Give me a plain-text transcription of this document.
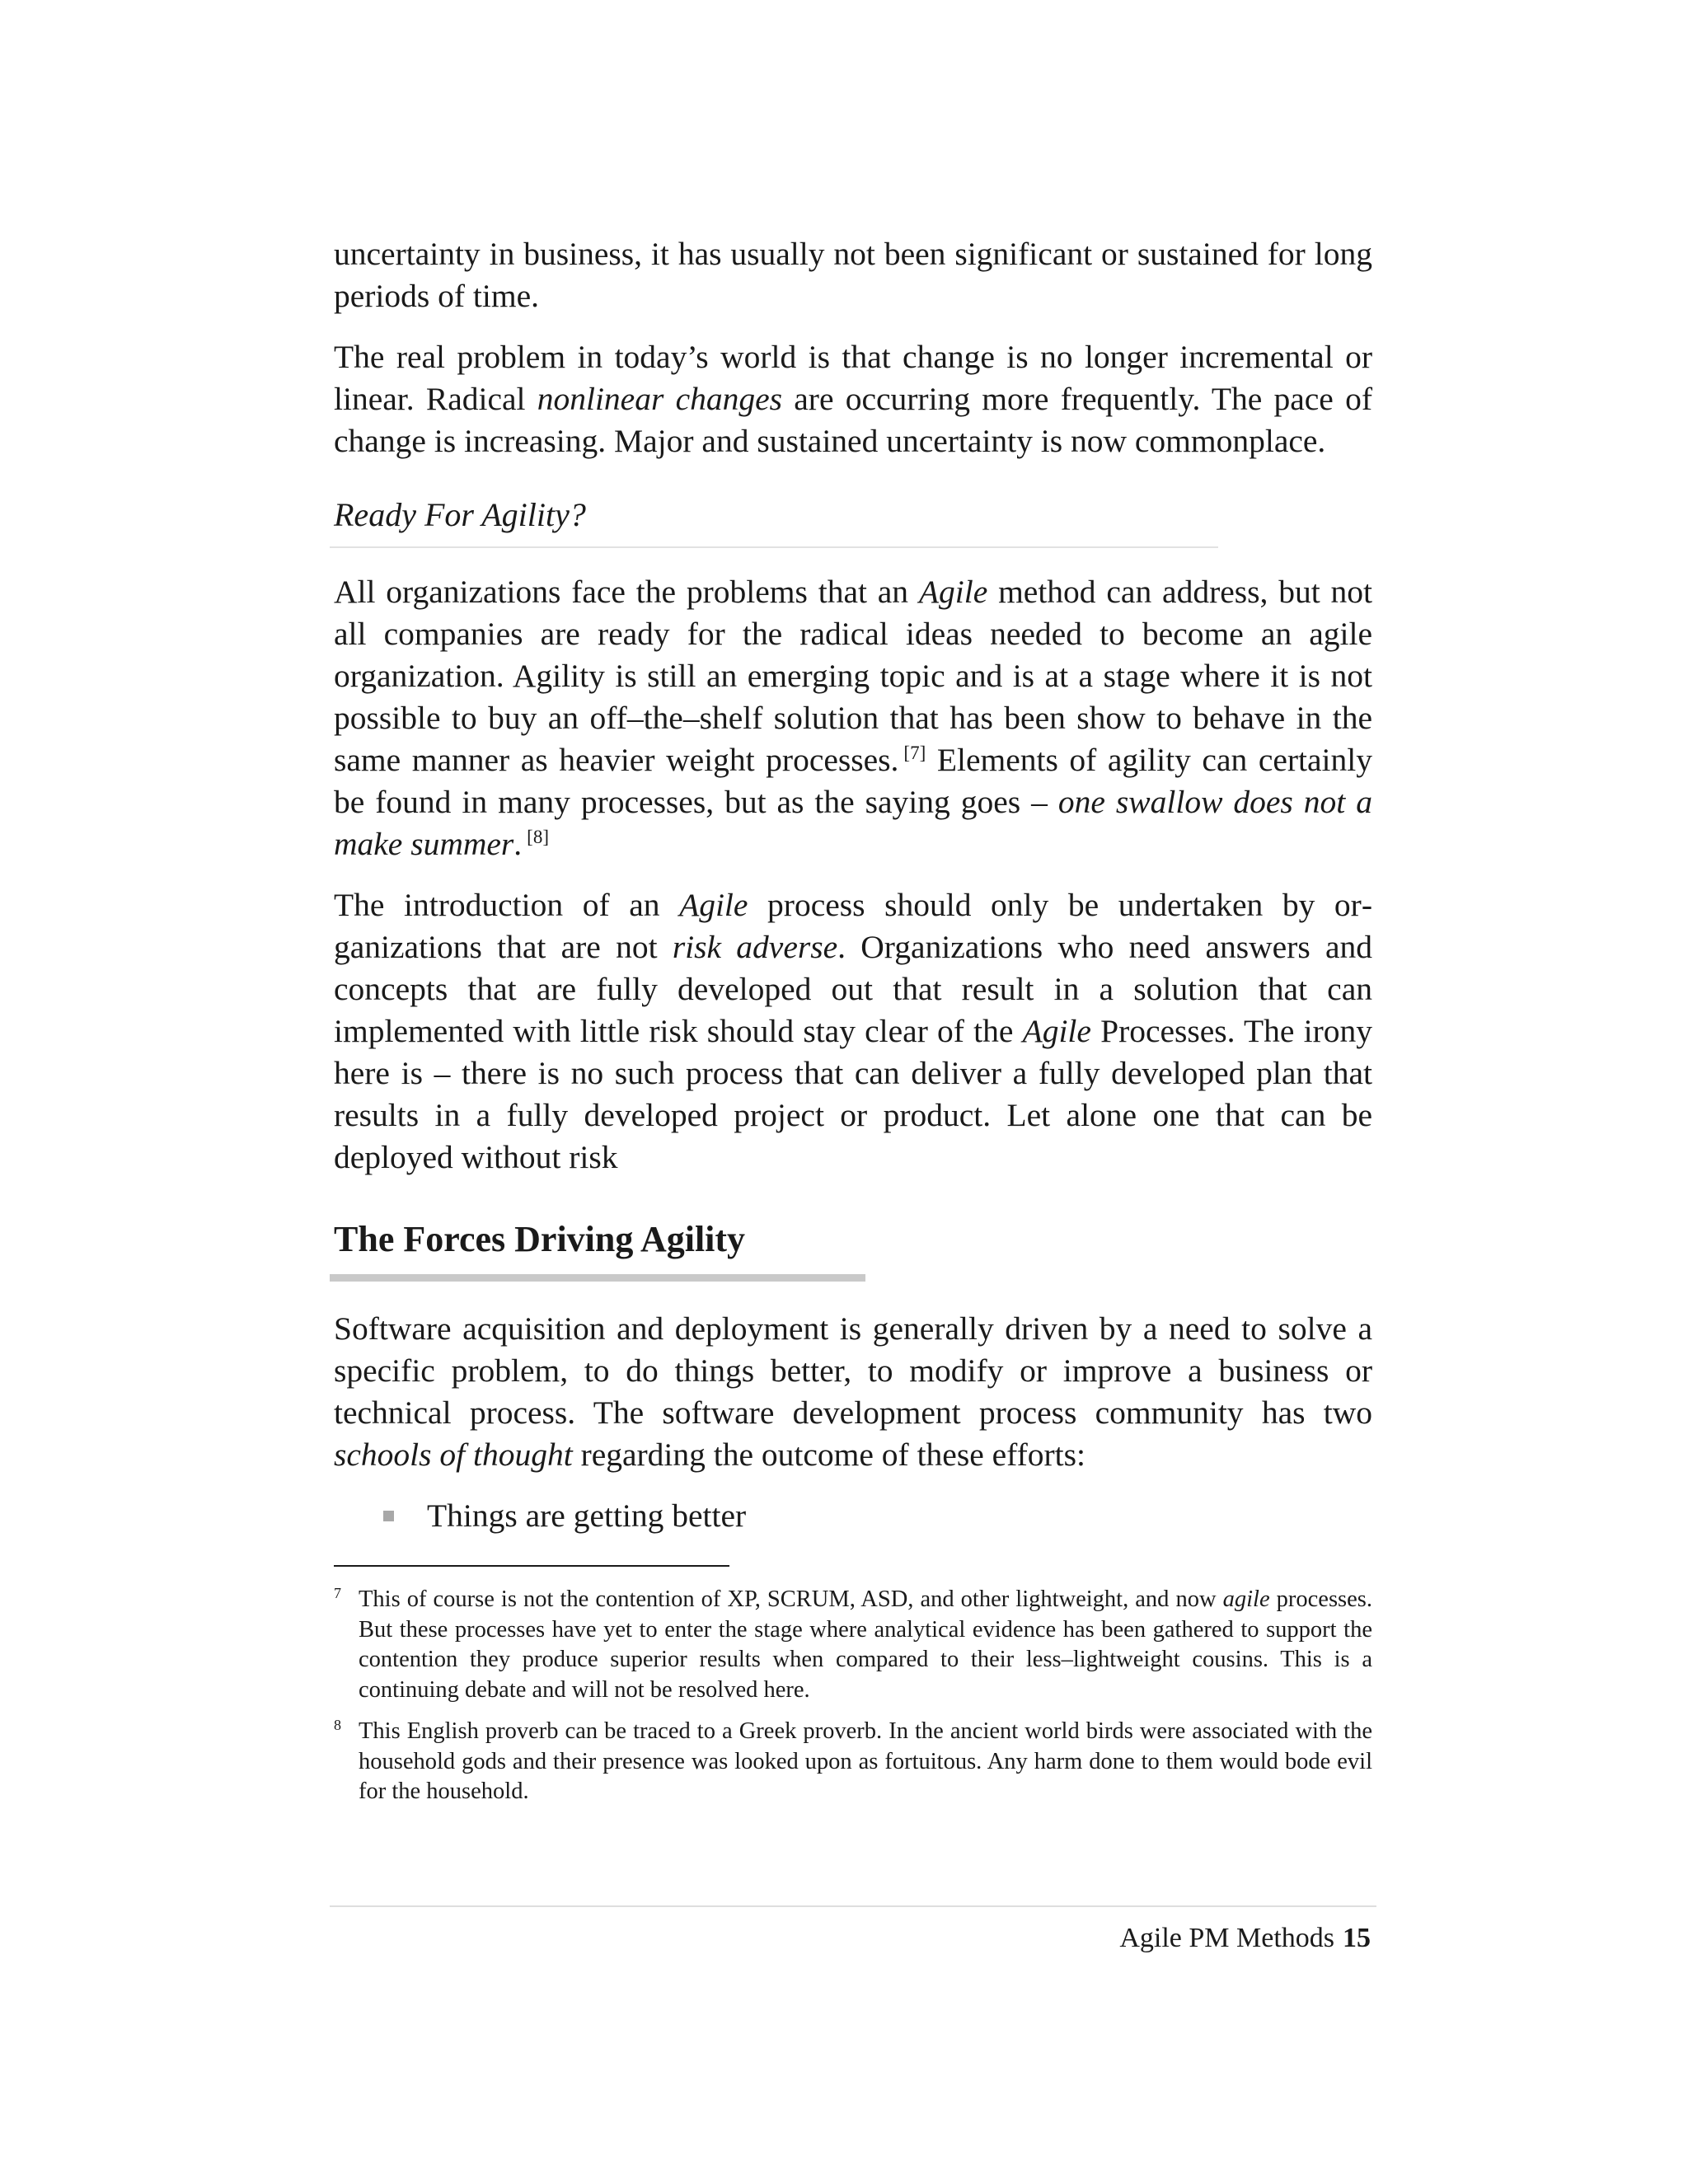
uncertainty in business, it has usually not been significant or sustained for long periods of time.

The real problem in today’s world is that change is no longer incremental or linear. Radical nonlinear changes are occurring more frequently. The pace of change is increasing. Major and sustained uncertainty is now commonplace.

Ready For Agility?

All organizations face the problems that an Agile method can address, but not all companies are ready for the radical ideas needed to become an agile organization. Agility is still an emerging topic and is at a stage where it is not possible to buy an off–the–shelf solution that has been show to behave in the same manner as heavier weight processes. [7] Elements of agility can certainly be found in many processes, but as the saying goes – one swallow does not a make summer. [8]

The introduction of an Agile process should only be undertaken by organizations that are not risk adverse. Organizations who need answers and concepts that are fully developed out that result in a solution that can implemented with little risk should stay clear of the Agile Processes. The irony here is – there is no such process that can deliver a fully developed plan that results in a fully developed project or product. Let alone one that can be deployed without risk

The Forces Driving Agility

Software acquisition and deployment is generally driven by a need to solve a specific problem, to do things better, to modify or improve a business or technical process. The software development process community has two schools of thought regarding the outcome of these efforts:

Things are getting better

7 This of course is not the contention of XP, SCRUM, ASD, and other lightweight, and now agile processes. But these processes have yet to enter the stage where analytical evidence has been gathered to support the contention they produce superior results when compared to their less–lightweight cousins. This is a continuing debate and will not be resolved here.

8 This English proverb can be traced to a Greek proverb. In the ancient world birds were associated with the household gods and their presence was looked upon as fortuitous. Any harm done to them would bode evil for the household.

Agile PM Methods 15
